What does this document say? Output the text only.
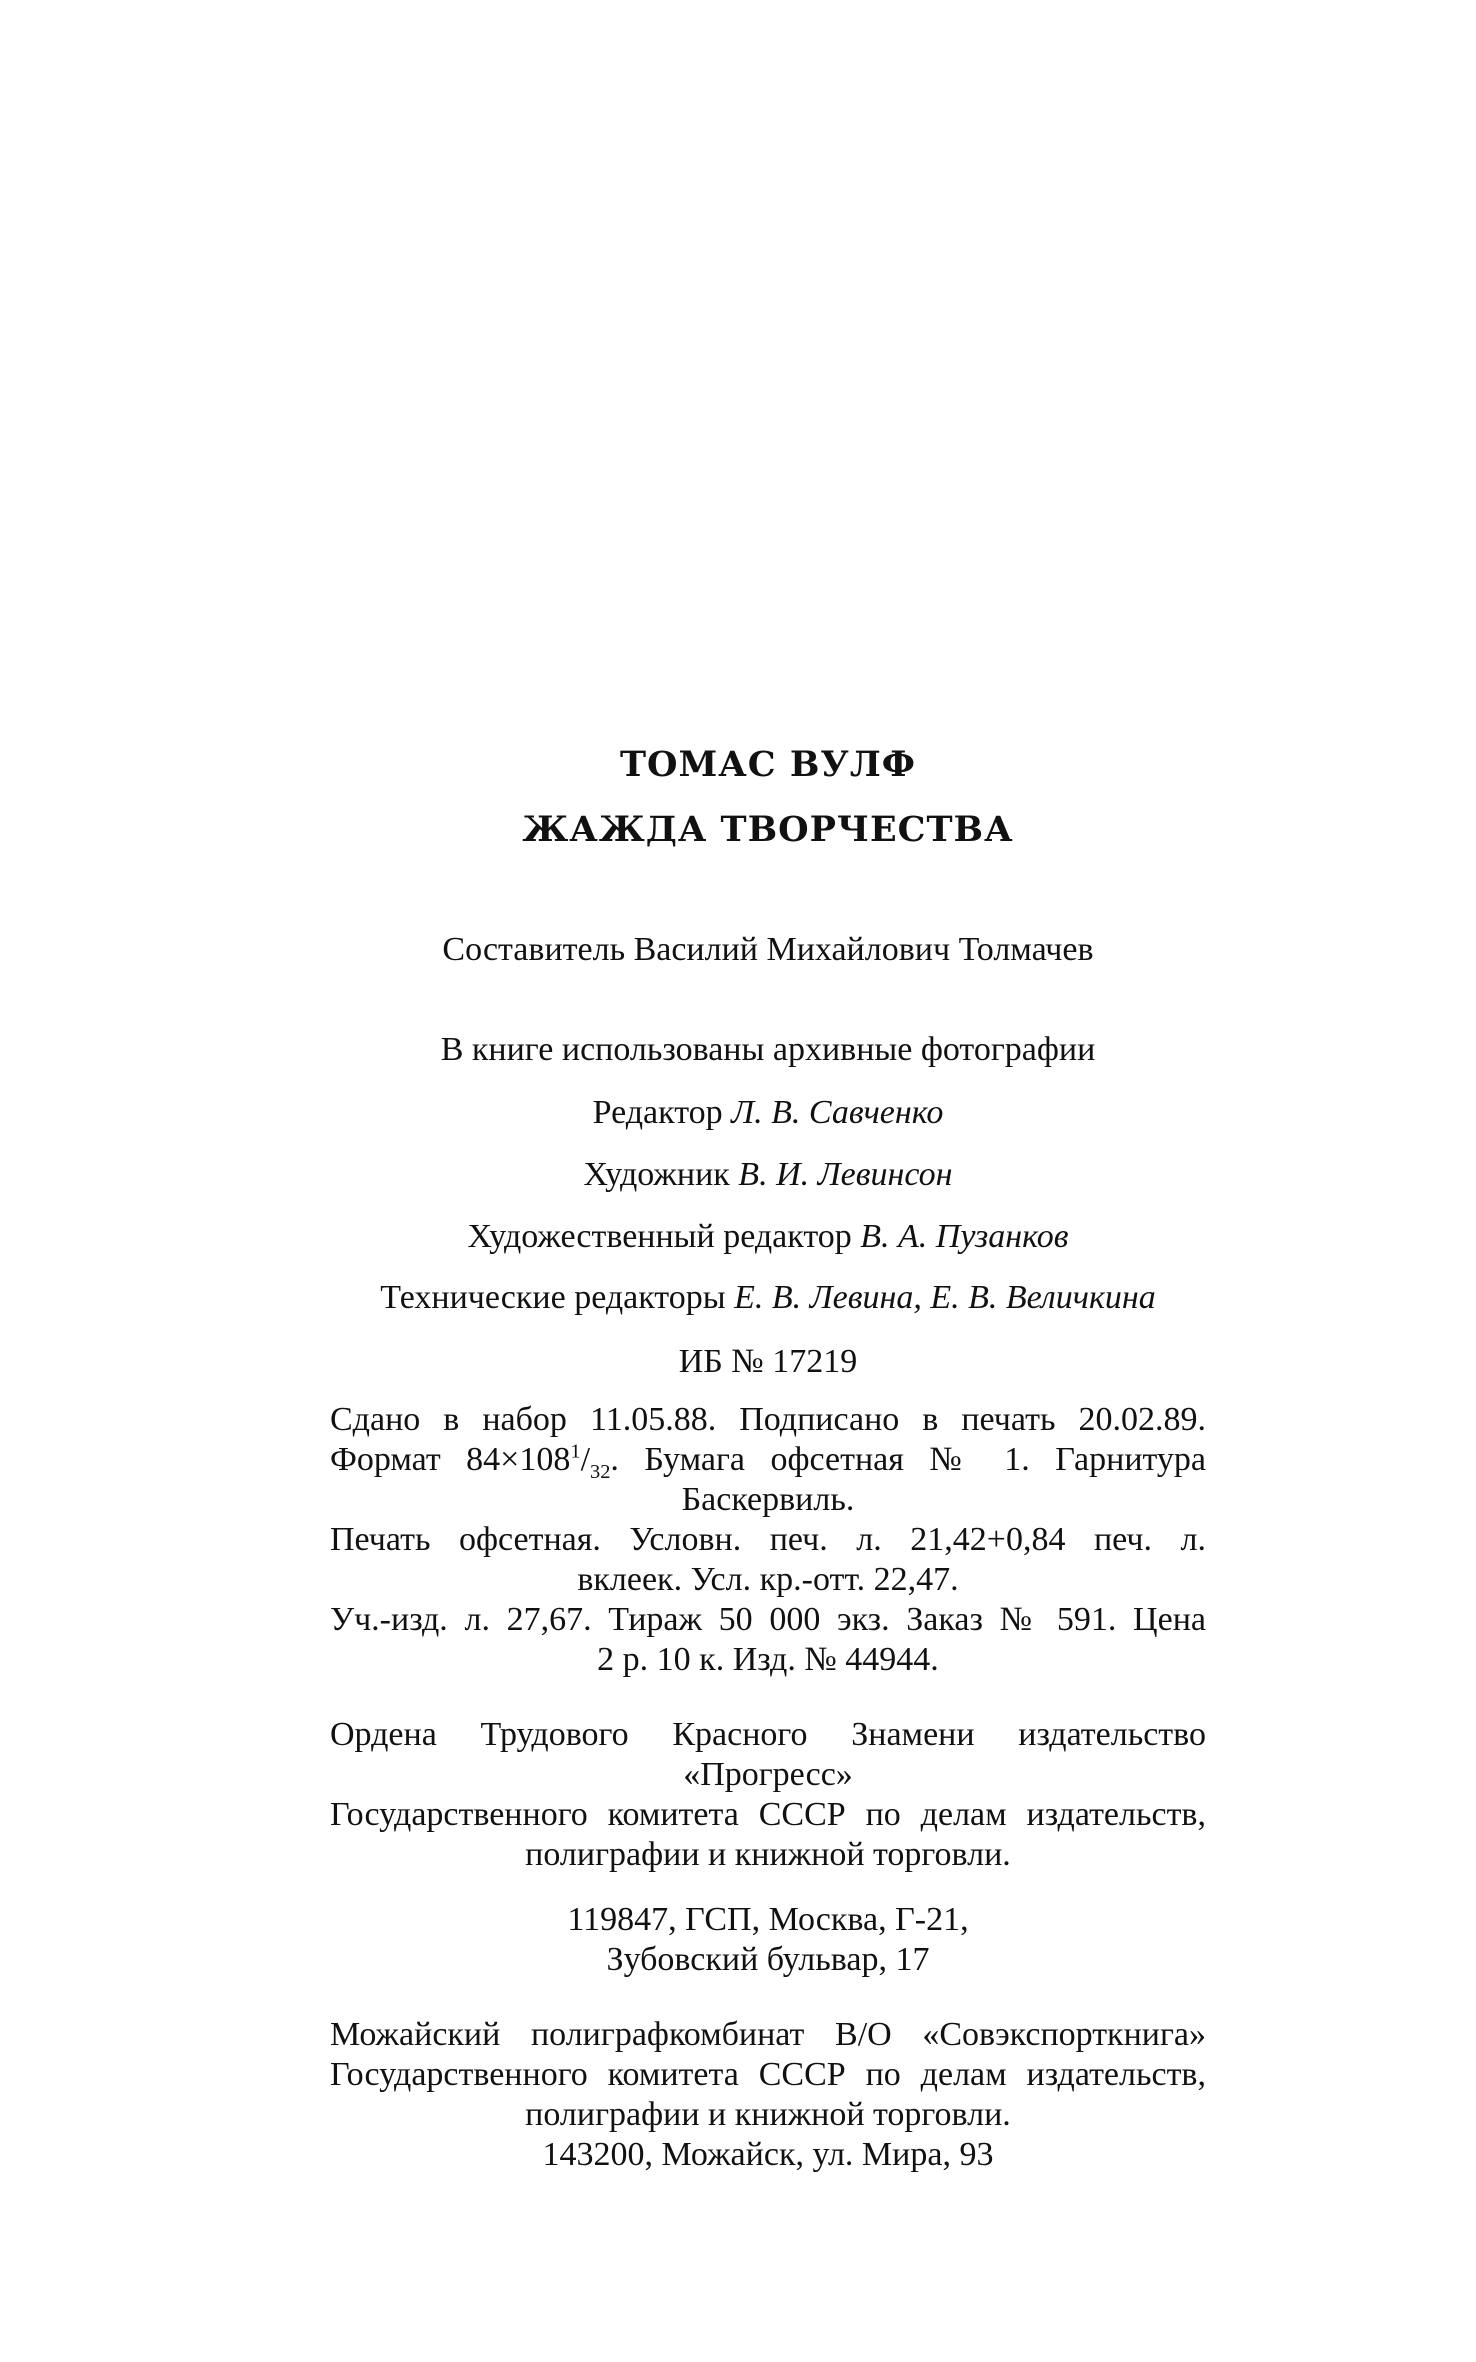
ТОМАС ВУЛФ
ЖАЖДА ТВОРЧЕСТВА
Составитель Василий Михайлович Толмачев
В книге использованы архивные фотографии
Редактор Л. В. Савченко
Художник В. И. Левинсон
Художественный редактор В. А. Пузанков
Технические редакторы Е. В. Левина, Е. В. Величкина
ИБ № 17219
Сдано в набор 11.05.88. Подписано в печать 20.02.89.
Формат $84\times 108^1/_{32}$. Бумага офсетная № 1. Гарнитура Баскервиль.
Печать офсетная. Условн. печ. л. 21,42+0,84 печ. л.
вклеек. Усл. кр.-отт. 22,47.
Уч.-изд. л. 27,67. Тираж 50 000 экз. Заказ № 591. Цена
2 р. 10 к. Изд. № 44944.
Ордена Трудового Красного Знамени издательство
«Прогресс»
Государственного комитета СССР по делам издательств, полиграфии и книжной торговли.
119847, ГСП, Москва, Г-21,
Зубовский бульвар, 17
Можайский полиграфкомбинат В/О «Совэкспорткнига» Государственного комитета СССР по делам издательств, полиграфии и книжной торговли.
143200, Можайск, ул. Мира, 93
